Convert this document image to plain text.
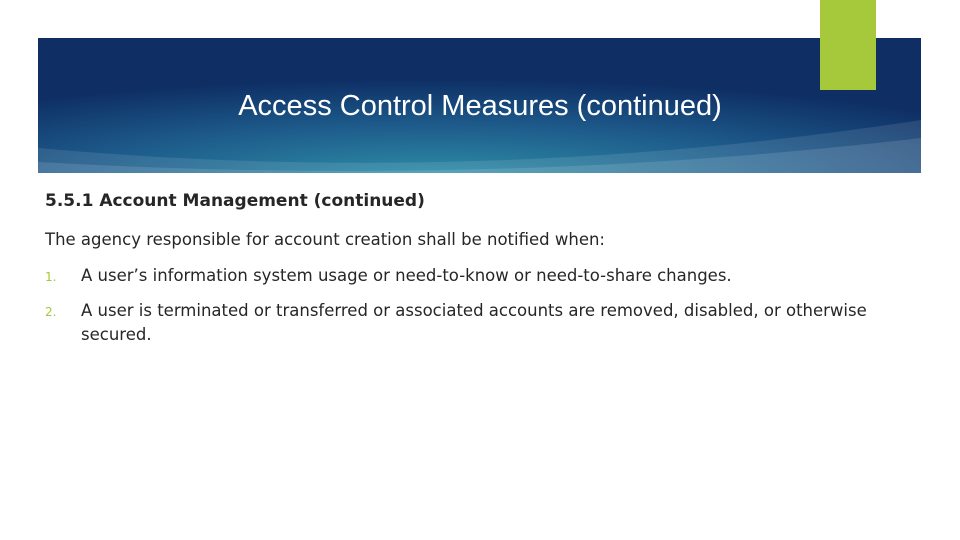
Access Control Measures (continued)

5.5.1 Account Management (continued)

The agency responsible for account creation shall be notified when:

1. A user’s information system usage or need-to-know or need-to-share changes.
2. A user is terminated or transferred or associated accounts are removed, disabled, or otherwise secured.
